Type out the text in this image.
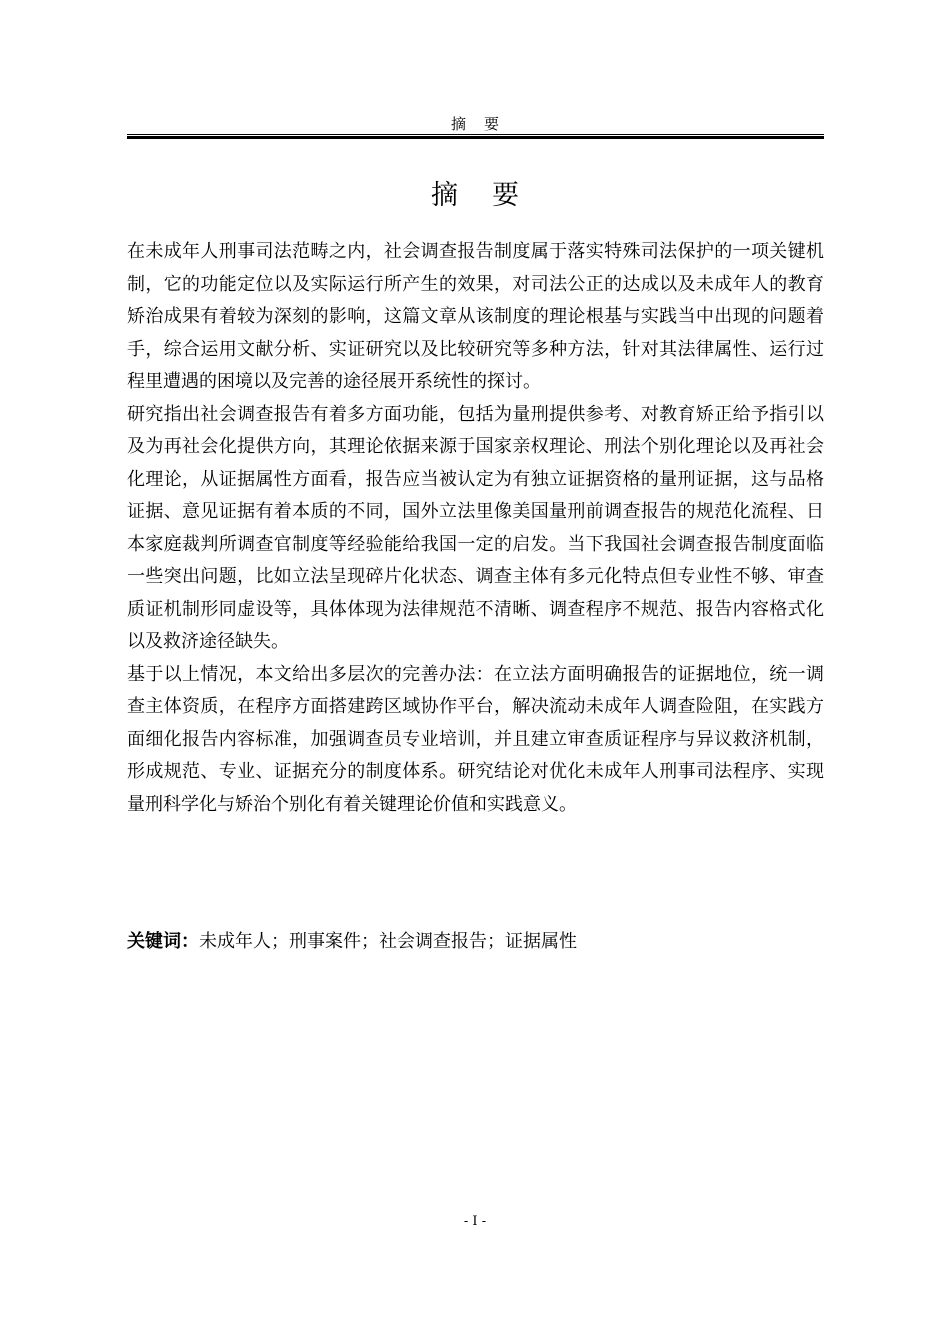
摘要
摘要

在未成年人刑事司法范畴之内，社会调查报告制度属于落实特殊司法保护的一项关键机制，它的功能定位以及实际运行所产生的效果，对司法公正的达成以及未成年人的教育矫治成果有着较为深刻的影响，这篇文章从该制度的理论根基与实践当中出现的问题着手，综合运用文献分析、实证研究以及比较研究等多种方法，针对其法律属性、运行过程里遭遇的困境以及完善的途径展开系统性的探讨。

研究指出社会调查报告有着多方面功能，包括为量刑提供参考、对教育矫正给予指引以及为再社会化提供方向，其理论依据来源于国家亲权理论、刑法个别化理论以及再社会化理论，从证据属性方面看，报告应当被认定为有独立证据资格的量刑证据，这与品格证据、意见证据有着本质的不同，国外立法里像美国量刑前调查报告的规范化流程、日本家庭裁判所调查官制度等经验能给我国一定的启发。当下我国社会调查报告制度面临一些突出问题，比如立法呈现碎片化状态、调查主体有多元化特点但专业性不够、审查质证机制形同虚设等，具体体现为法律规范不清晰、调查程序不规范、报告内容格式化以及救济途径缺失。

基于以上情况，本文给出多层次的完善办法：在立法方面明确报告的证据地位，统一调查主体资质，在程序方面搭建跨区域协作平台，解决流动未成年人调查险阻，在实践方面细化报告内容标准，加强调查员专业培训，并且建立审查质证程序与异议救济机制，形成规范、专业、证据充分的制度体系。研究结论对优化未成年人刑事司法程序、实现量刑科学化与矫治个别化有着关键理论价值和实践意义。

关键词：未成年人；刑事案件；社会调查报告；证据属性
- I -
